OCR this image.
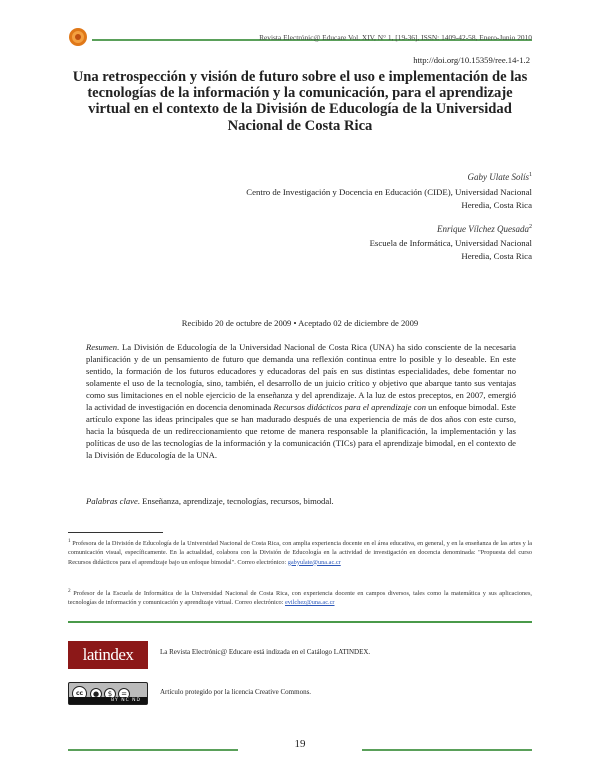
Revista Electrónic@ Educare Vol. XIV, N° 1, [19-36], ISSN: 1409-42-58, Enero-Junio 2010
http://doi.org/10.15359/ree.14-1.2
Una retrospección y visión de futuro sobre el uso e implementación de las tecnologías de la información y la comunicación, para el aprendizaje virtual en el contexto de la División de Educología de la Universidad Nacional de Costa Rica
Gaby Ulate Solís$^1$
Centro de Investigación y Docencia en Educación (CIDE), Universidad Nacional
Heredia, Costa Rica
Enrique Vílchez Quesada$^2$
Escuela de Informática, Universidad Nacional
Heredia, Costa Rica
Recibido 20 de octubre de 2009 • Aceptado 02 de diciembre de 2009
Resumen. La División de Educología de la Universidad Nacional de Costa Rica (UNA) ha sido consciente de la necesaria planificación y de un pensamiento de futuro que demanda una reflexión continua entre lo posible y lo deseable. En este sentido, la formación de los futuros educadores y educadoras del país en sus distintas especialidades, debe fomentar no solamente el uso de la tecnología, sino, también, el desarrollo de un juicio crítico y objetivo que abarque tanto sus ventajas como sus limitaciones en el noble ejercicio de la enseñanza y del aprendizaje. A la luz de estos preceptos, en 2007, emergió la actividad de investigación en docencia denominada Recursos didácticos para el aprendizaje con un enfoque bimodal. Este artículo expone las ideas principales que se han madurado después de una experiencia de más de dos años con este curso, hacia la búsqueda de un redireccionamiento que retome de manera responsable la planificación, la implementación y las políticas de uso de las tecnologías de la información y la comunicación (TICs) para el aprendizaje bimodal, en el contexto de la División de Educología de la UNA.
Palabras clave. Enseñanza, aprendizaje, tecnologías, recursos, bimodal.
$^1$ Profesora de la División de Educología de la Universidad Nacional de Costa Rica, con amplia experiencia docente en el área educativa, en general, y en la enseñanza de las artes y la comunicación visual, específicamente. En la actualidad, colabora con la División de Educología en la actividad de investigación en docencia denominada: "Propuesta del curso Recursos didácticos para el aprendizaje bajo un enfoque bimodal". Correo electrónico: gabyulate@una.ac.cr
$^2$ Profesor de la Escuela de Informática de la Universidad Nacional de Costa Rica, con experiencia docente en campos diversos, tales como la matemática y sus aplicaciones, tecnologías de información y comunicación y aprendizaje virtual. Correo electrónico: evilchez@una.ac.cr
latindex	La Revista Electrónic@ Educare está indizada en el Catálogo LATINDEX.
cc	●	$	=
BY NC ND
Artículo protegido por la licencia Creative Commons.
19
